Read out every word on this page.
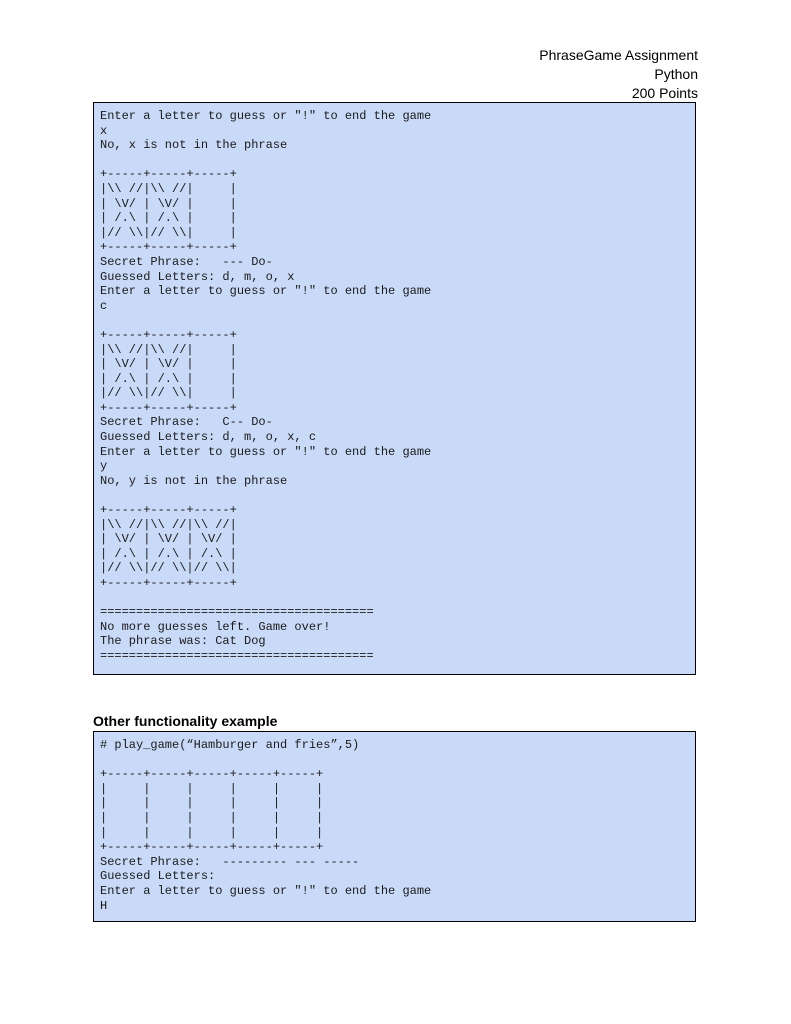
PhraseGame Assignment
Python
200 Points
Enter a letter to guess or "!" to end the game
x
No, x is not in the phrase

+-----+-----+-----+
|\\ //|\\ //|     |
| \V/ | \V/ |     |
| /.\ | /.\ |     |
|// \\|// \\|     |
+-----+-----+-----+
Secret Phrase:   --- Do-
Guessed Letters: d, m, o, x
Enter a letter to guess or "!" to end the game
c

+-----+-----+-----+
|\\ //|\\ //|     |
| \V/ | \V/ |     |
| /.\ | /.\ |     |
|// \\|// \\|     |
+-----+-----+-----+
Secret Phrase:   C-- Do-
Guessed Letters: d, m, o, x, c
Enter a letter to guess or "!" to end the game
y
No, y is not in the phrase

+-----+-----+-----+
|\\ //|\\ //|\\ //|
| \V/ | \V/ | \V/ |
| /.\ | /.\ | /.\ |
|// \\|// \\|// \\|
+-----+-----+-----+

======================================
No more guesses left. Game over!
The phrase was: Cat Dog
======================================
Other functionality example
# play_game(“Hamburger and fries”,5)

+-----+-----+-----+-----+-----+
|     |     |     |     |     |
|     |     |     |     |     |
|     |     |     |     |     |
|     |     |     |     |     |
+-----+-----+-----+-----+-----+
Secret Phrase:   --------- --- -----
Guessed Letters:
Enter a letter to guess or "!" to end the game
H
